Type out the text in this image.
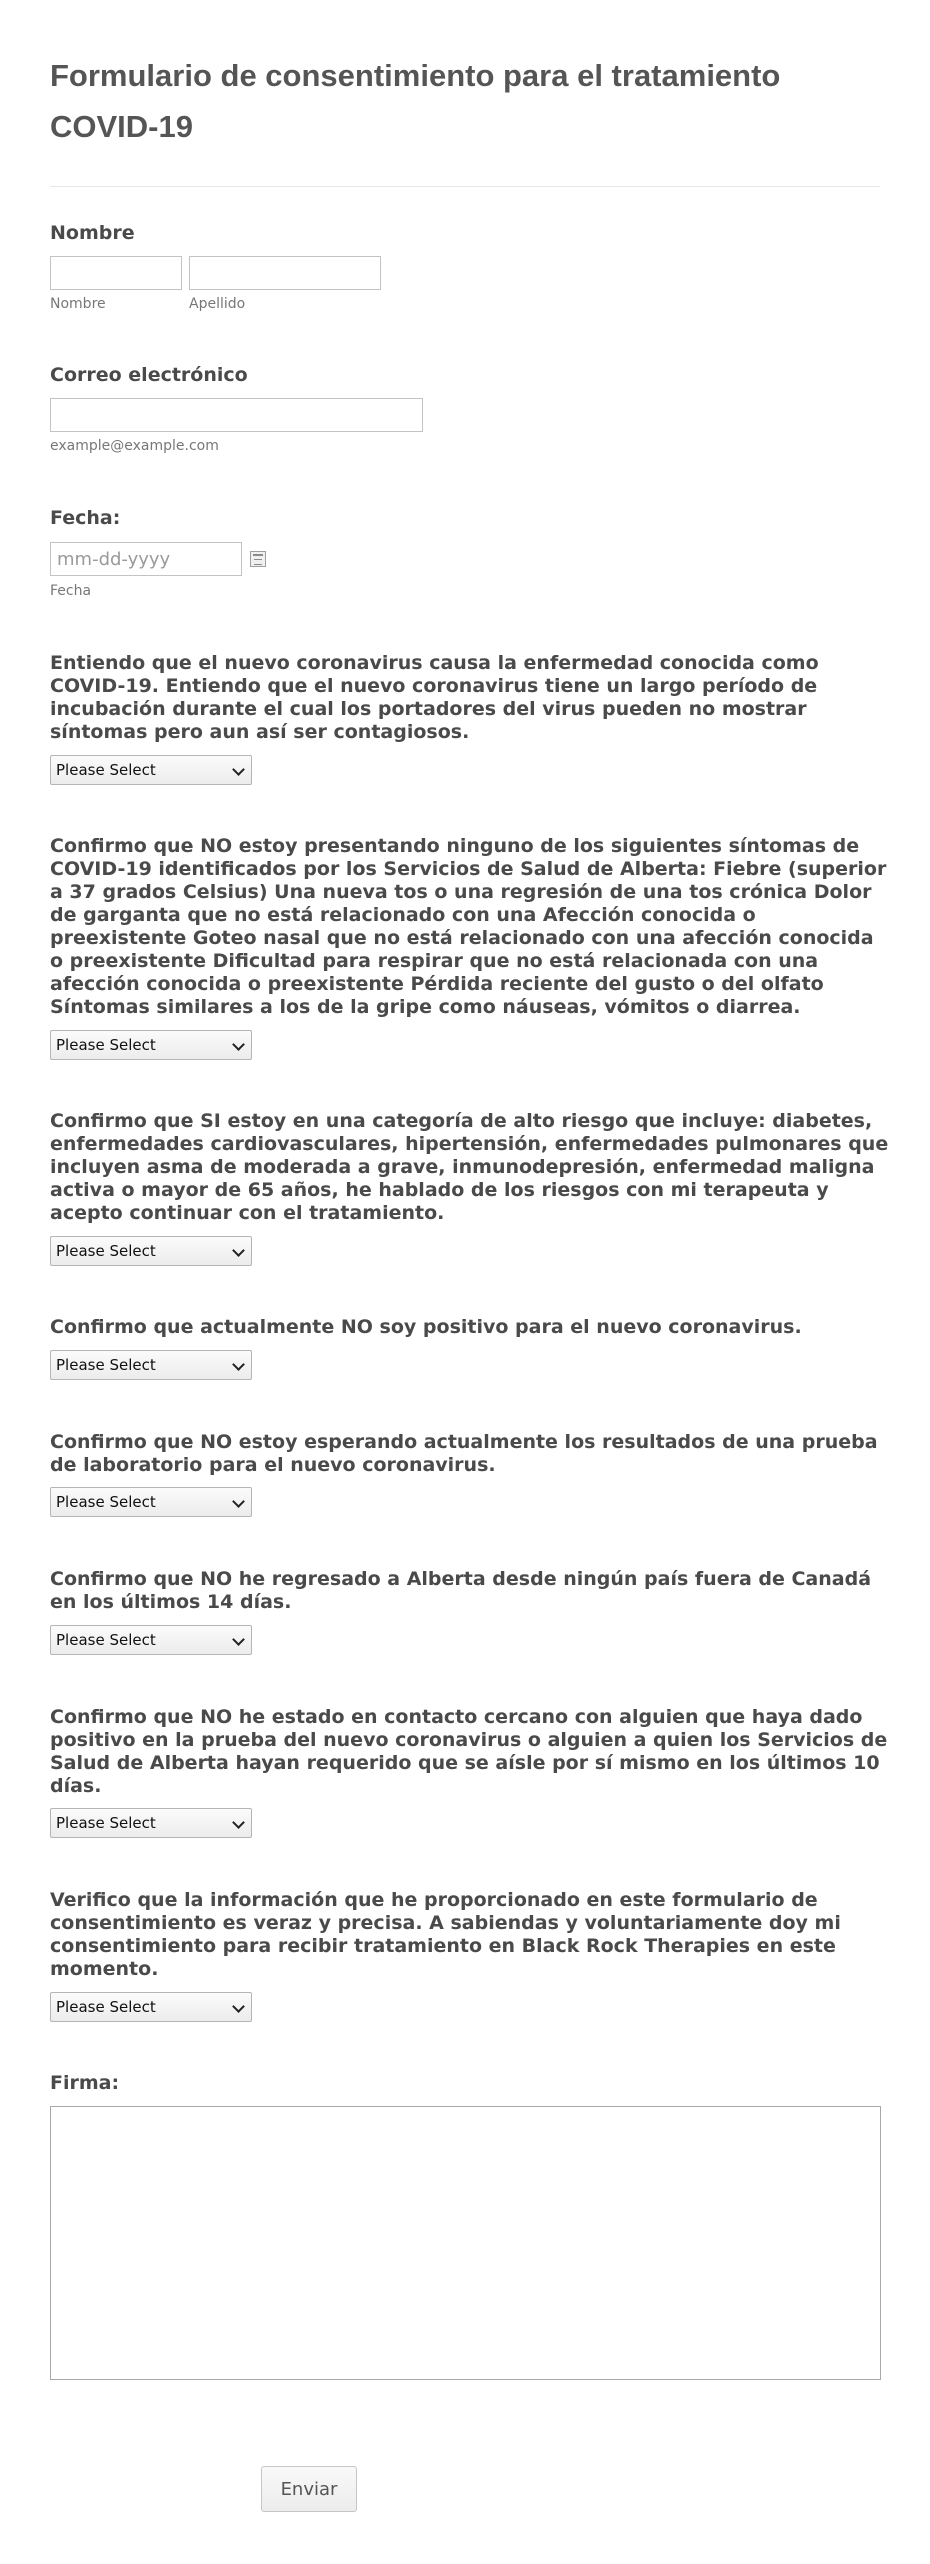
Formulario de consentimiento para el tratamiento COVID-19
Nombre
Nombre	Apellido
Correo electrónico
example@example.com
Fecha:
mm-dd-yyyy
Fecha
Entiendo que el nuevo coronavirus causa la enfermedad conocida como COVID-19. Entiendo que el nuevo coronavirus tiene un largo período de incubación durante el cual los portadores del virus pueden no mostrar síntomas pero aun así ser contagiosos.
Please Select
Confirmo que NO estoy presentando ninguno de los siguientes síntomas de COVID-19 identificados por los Servicios de Salud de Alberta: Fiebre (superior a 37 grados Celsius) Una nueva tos o una regresión de una tos crónica Dolor de garganta que no está relacionado con una Afección conocida o preexistente Goteo nasal que no está relacionado con una afección conocida o preexistente Dificultad para respirar que no está relacionada con una afección conocida o preexistente Pérdida reciente del gusto o del olfato Síntomas similares a los de la gripe como náuseas, vómitos o diarrea.
Please Select
Confirmo que SI estoy en una categoría de alto riesgo que incluye: diabetes, enfermedades cardiovasculares, hipertensión, enfermedades pulmonares que incluyen asma de moderada a grave, inmunodepresión, enfermedad maligna activa o mayor de 65 años, he hablado de los riesgos con mi terapeuta y acepto continuar con el tratamiento.
Please Select
Confirmo que actualmente NO soy positivo para el nuevo coronavirus.
Please Select
Confirmo que NO estoy esperando actualmente los resultados de una prueba de laboratorio para el nuevo coronavirus.
Please Select
Confirmo que NO he regresado a Alberta desde ningún país fuera de Canadá en los últimos 14 días.
Please Select
Confirmo que NO he estado en contacto cercano con alguien que haya dado positivo en la prueba del nuevo coronavirus o alguien a quien los Servicios de Salud de Alberta hayan requerido que se aísle por sí mismo en los últimos 10 días.
Please Select
Verifico que la información que he proporcionado en este formulario de consentimiento es veraz y precisa. A sabiendas y voluntariamente doy mi consentimiento para recibir tratamiento en Black Rock Therapies en este momento.
Please Select
Firma:
Enviar
